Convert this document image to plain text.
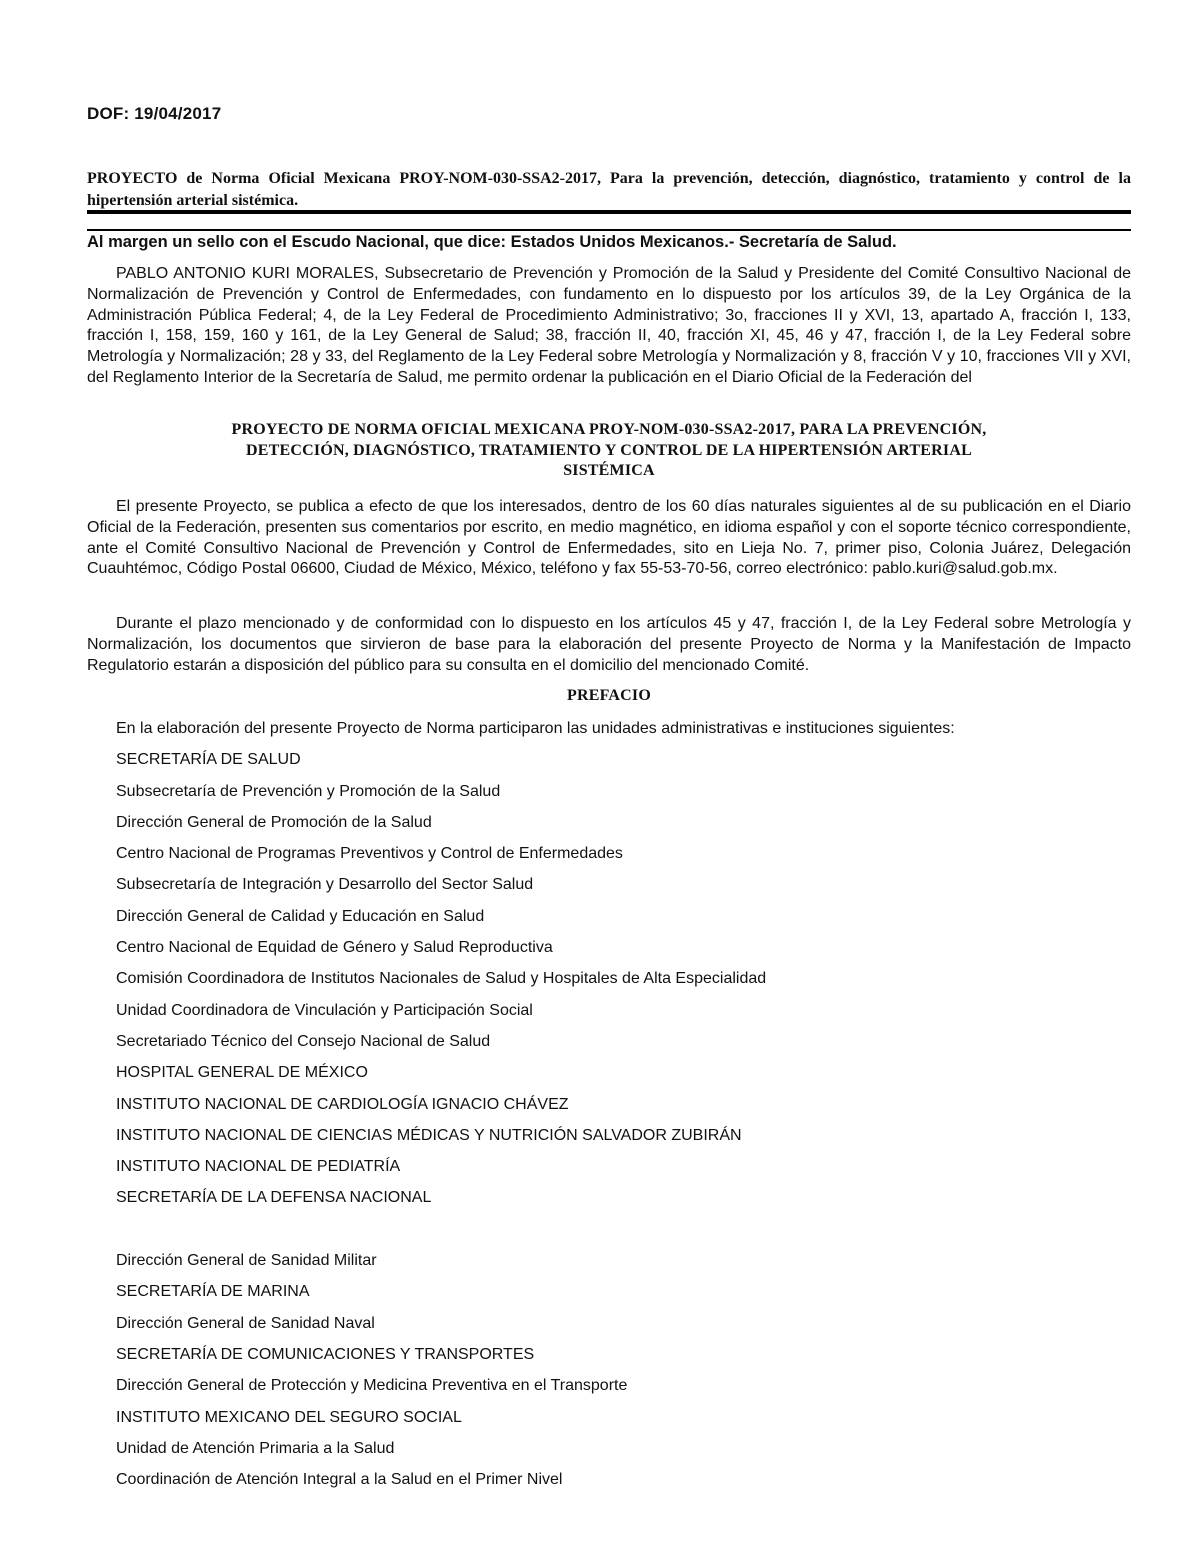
DOF: 19/04/2017
PROYECTO de Norma Oficial Mexicana PROY-NOM-030-SSA2-2017, Para la prevención, detección, diagnóstico, tratamiento y control de la hipertensión arterial sistémica.
Al margen un sello con el Escudo Nacional, que dice: Estados Unidos Mexicanos.- Secretaría de Salud.

PABLO ANTONIO KURI MORALES, Subsecretario de Prevención y Promoción de la Salud y Presidente del Comité Consultivo Nacional de Normalización de Prevención y Control de Enfermedades, con fundamento en lo dispuesto por los artículos 39, de la Ley Orgánica de la Administración Pública Federal; 4, de la Ley Federal de Procedimiento Administrativo; 3o, fracciones II y XVI, 13, apartado A, fracción I, 133, fracción I, 158, 159, 160 y 161, de la Ley General de Salud; 38, fracción II, 40, fracción XI, 45, 46 y 47, fracción I, de la Ley Federal sobre Metrología y Normalización; 28 y 33, del Reglamento de la Ley Federal sobre Metrología y Normalización y 8, fracción V y 10, fracciones VII y XVI, del Reglamento Interior de la Secretaría de Salud, me permito ordenar la publicación en el Diario Oficial de la Federación del

PROYECTO DE NORMA OFICIAL MEXICANA PROY-NOM-030-SSA2-2017, PARA LA PREVENCIÓN,
DETECCIÓN, DIAGNÓSTICO, TRATAMIENTO Y CONTROL DE LA HIPERTENSIÓN ARTERIAL
SISTÉMICA

El presente Proyecto, se publica a efecto de que los interesados, dentro de los 60 días naturales siguientes al de su publicación en el Diario Oficial de la Federación, presenten sus comentarios por escrito, en medio magnético, en idioma español y con el soporte técnico correspondiente, ante el Comité Consultivo Nacional de Prevención y Control de Enfermedades, sito en Lieja No. 7, primer piso, Colonia Juárez, Delegación Cuauhtémoc, Código Postal 06600, Ciudad de México, México, teléfono y fax 55-53-70-56, correo electrónico: pablo.kuri@salud.gob.mx.

Durante el plazo mencionado y de conformidad con lo dispuesto en los artículos 45 y 47, fracción I, de la Ley Federal sobre Metrología y Normalización, los documentos que sirvieron de base para la elaboración del presente Proyecto de Norma y la Manifestación de Impacto Regulatorio estarán a disposición del público para su consulta en el domicilio del mencionado Comité.

PREFACIO
En la elaboración del presente Proyecto de Norma participaron las unidades administrativas e instituciones siguientes:
SECRETARÍA DE SALUD
Subsecretaría de Prevención y Promoción de la Salud
Dirección General de Promoción de la Salud
Centro Nacional de Programas Preventivos y Control de Enfermedades
Subsecretaría de Integración y Desarrollo del Sector Salud
Dirección General de Calidad y Educación en Salud
Centro Nacional de Equidad de Género y Salud Reproductiva
Comisión Coordinadora de Institutos Nacionales de Salud y Hospitales de Alta Especialidad
Unidad Coordinadora de Vinculación y Participación Social
Secretariado Técnico del Consejo Nacional de Salud
HOSPITAL GENERAL DE MÉXICO
INSTITUTO NACIONAL DE CARDIOLOGÍA IGNACIO CHÁVEZ
INSTITUTO NACIONAL DE CIENCIAS MÉDICAS Y NUTRICIÓN SALVADOR ZUBIRÁN
INSTITUTO NACIONAL DE PEDIATRÍA
SECRETARÍA DE LA DEFENSA NACIONAL
Dirección General de Sanidad Militar
SECRETARÍA DE MARINA
Dirección General de Sanidad Naval
SECRETARÍA DE COMUNICACIONES Y TRANSPORTES
Dirección General de Protección y Medicina Preventiva en el Transporte
INSTITUTO MEXICANO DEL SEGURO SOCIAL
Unidad de Atención Primaria a la Salud
Coordinación de Atención Integral a la Salud en el Primer Nivel
